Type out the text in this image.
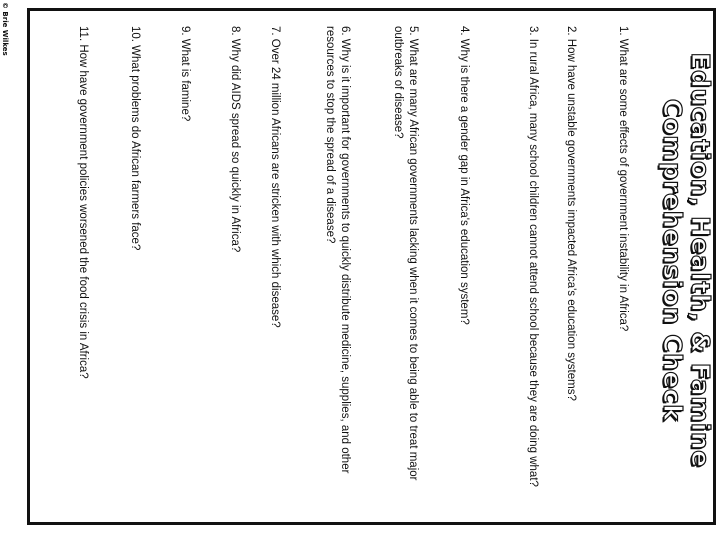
Education, Health, & Famine
Comprehension Check
1. What are some effects of government instability in Africa?
2. How have unstable governments impacted Africa's education systems?
3. In rural Africa, many school children cannot attend school because they are doing what?
4. Why is there a gender gap in Africa's education system?
5. What are many African governments lacking when it comes to being able to treat major outbreaks of disease?
6. Why is it important for governments to quickly distribute medicine, supplies, and other resources to stop the spread of a disease?
7. Over 24 million Africans are stricken with which disease?
8. Why did AIDS spread so quickly in Africa?
9. What is famine?
10. What problems do African farmers face?
11. How have government policies worsened the food crisis in Africa?
© Brie Wilkes
